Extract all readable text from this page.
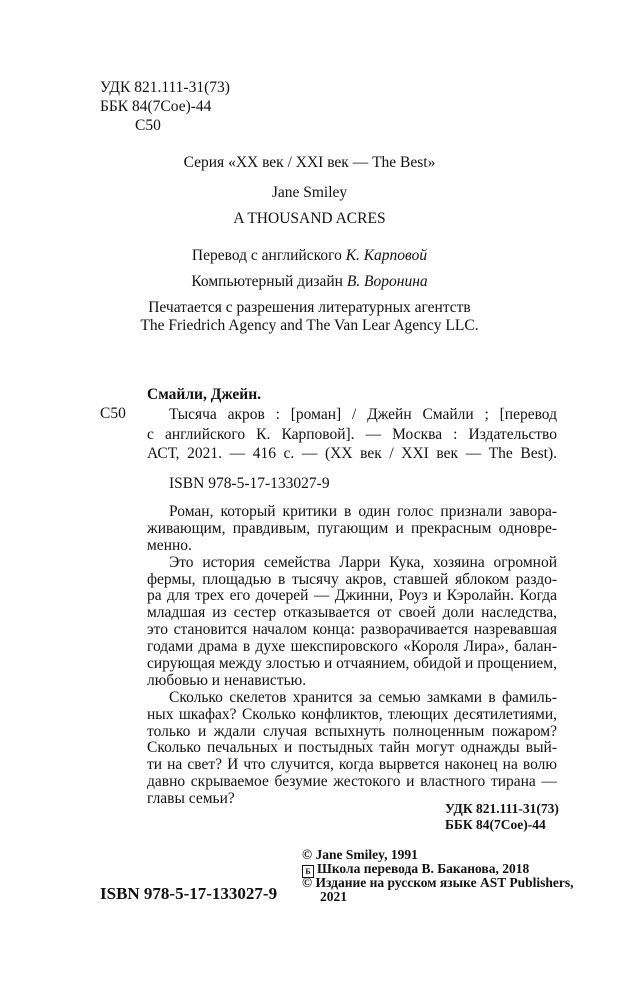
УДК 821.111-31(73)
ББК 84(7Сое)-44
С50
Серия «XX век / XXI век — The Best»
Jane Smiley
A THOUSAND ACRES
Перевод с английского К. Карповой
Компьютерный дизайн В. Воронина
Печатается с разрешения литературных агентств
The Friedrich Agency and The Van Lear Agency LLC.
Смайли, Джейн.
С50	Тысяча акров : [роман] / Джейн Смайли ; [перевод
с английского К. Карповой]. — Москва : Издательство
АСТ, 2021. — 416 с. — (XX век / XXI век — The Best).
ISBN 978-5-17-133027-9
Роман, который критики в один голос признали завора-
живающим, правдивым, пугающим и прекрасным одновре-
менно.
Это история семейства Ларри Кука, хозяина огромной
фермы, площадью в тысячу акров, ставшей яблоком раздо-
ра для трех его дочерей — Джинни, Роуз и Кэролайн. Когда
младшая из сестер отказывается от своей доли наследства,
это становится началом конца: разворачивается назревавшая
годами драма в духе шекспировского «Короля Лира», балан-
сирующая между злостью и отчаянием, обидой и прощением,
любовью и ненавистью.
Сколько скелетов хранится за семью замками в фамиль-
ных шкафах? Сколько конфликтов, тлеющих десятилетиями,
только и ждали случая вспыхнуть полноценным пожаром?
Сколько печальных и постыдных тайн могут однажды вый-
ти на свет? И что случится, когда вырвется наконец на волю
давно скрываемое безумие жестокого и властного тирана —
главы семьи?
УДК 821.111-31(73)
ББК 84(7Сое)-44
© Jane Smiley, 1991
Б Школа перевода В. Баканова, 2018
© Издание на русском языке AST Publishers,
2021
ISBN 978-5-17-133027-9
